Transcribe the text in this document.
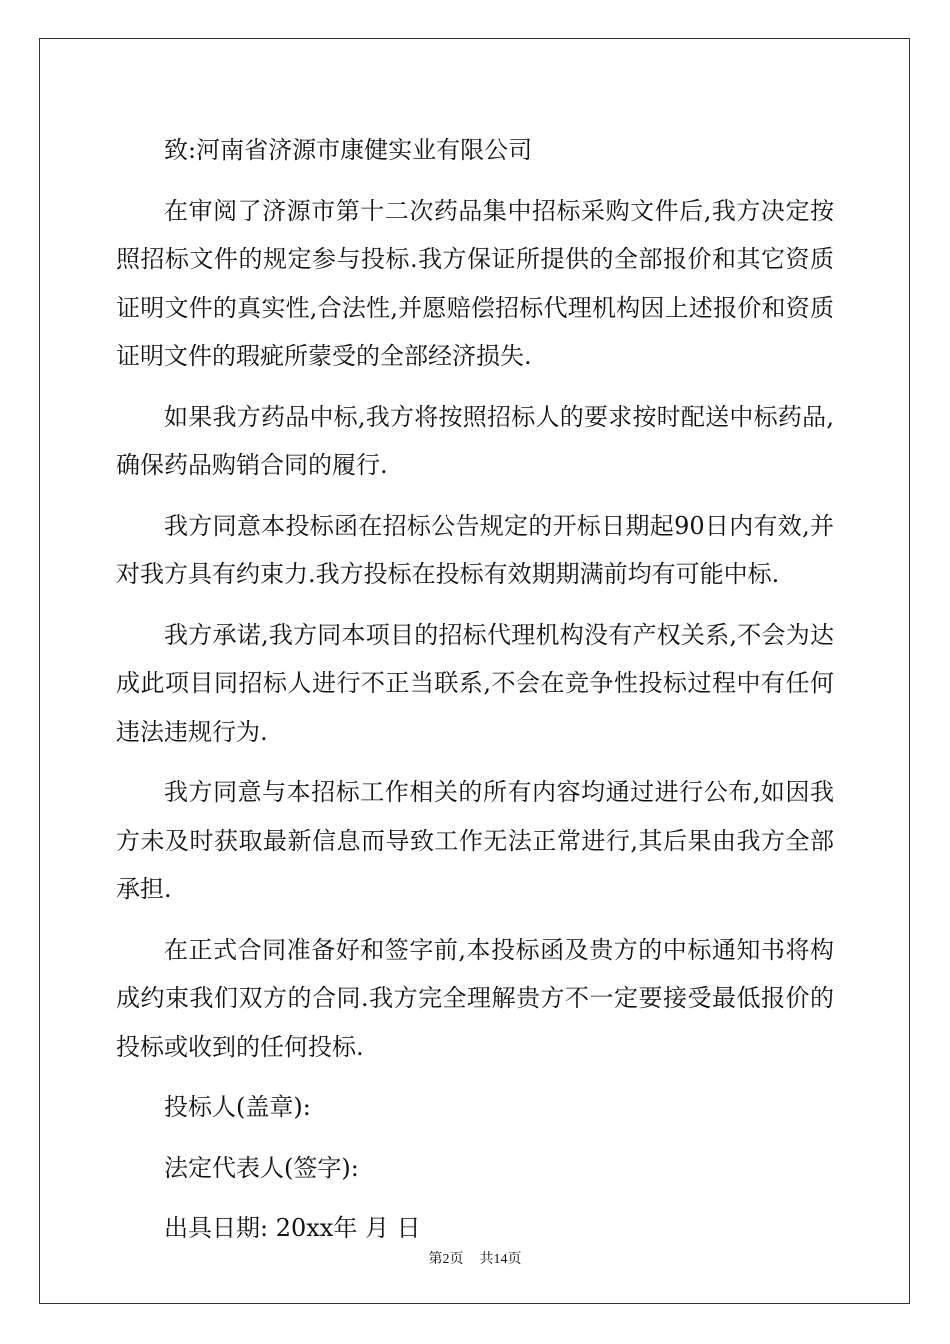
致:河南省济源市康健实业有限公司
在审阅了济源市第十二次药品集中招标采购文件后,我方决定按照招标文件的规定参与投标.我方保证所提供的全部报价和其它资质证明文件的真实性,合法性,并愿赔偿招标代理机构因上述报价和资质证明文件的瑕疵所蒙受的全部经济损失.
如果我方药品中标,我方将按照招标人的要求按时配送中标药品,确保药品购销合同的履行.
我方同意本投标函在招标公告规定的开标日期起90日内有效,并对我方具有约束力.我方投标在投标有效期期满前均有可能中标.
我方承诺,我方同本项目的招标代理机构没有产权关系,不会为达成此项目同招标人进行不正当联系,不会在竞争性投标过程中有任何违法违规行为.
我方同意与本招标工作相关的所有内容均通过进行公布,如因我方未及时获取最新信息而导致工作无法正常进行,其后果由我方全部承担.
在正式合同准备好和签字前,本投标函及贵方的中标通知书将构成约束我们双方的合同.我方完全理解贵方不一定要接受最低报价的投标或收到的任何投标.
投标人(盖章):
法定代表人(签字):
出具日期: 20xx年 月 日
第2页 共14页
